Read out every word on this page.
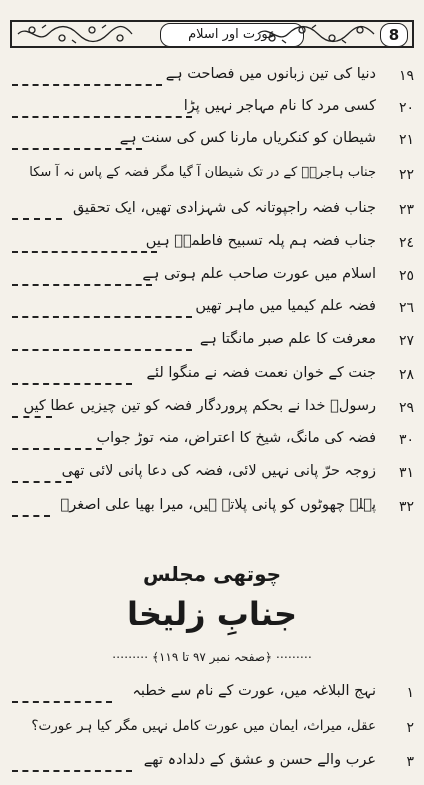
عورت اور اسلام	8
١٩
دنیا کی تین زبانوں میں فصاحت ہے
٢٠
کسی مرد کا نام مہاجر نہیں پڑا
٢١
شیطان کو کنکریاں مارنا کس کی سنت ہے
٢٢
جناب ہاجرہؑ کے در تک شیطان آ گیا مگر فضہ کے پاس نہ آ سکا
٢٣
جناب فضہ راجپوتانہ کی شہزادی تھیں، ایک تحقیق
٢٤
جناب فضہ ہم پلہ تسبیح فاطمہؑ ہیں
٢٥
اسلام میں عورت صاحب علم ہوتی ہے
٢٦
فضہ علم کیمیا میں ماہر تھیں
٢٧
معرفت کا علم صبر مانگتا ہے
٢٨
جنت کے خوان نعمت فضہ نے منگوا لئے
٢٩
رسولؐ خدا نے بحکم پروردگار فضہ کو تین چیزیں عطا کیں
٣٠
فضہ کی مانگ، شیخ کا اعتراض، منہ توڑ جواب
٣١
زوجہ حرّ پانی نہیں لائی، فضہ کی دعا پانی لائی تھی
٣٢
پہلے چھوٹوں کو پانی پلاتے ہیں، میرا بھیا علی اصغرؑ
چوتھی مجلس
جنابِ زلیخا
⋯⋯⋯ ﴿صفحہ نمبر ٩٧ تا ١١٩﴾ ⋯⋯⋯
١
نہج البلاغہ میں، عورت کے نام سے خطبہ
٢
عقل، میراث، ایمان میں عورت کامل نہیں مگر کیا ہر عورت؟
٣
عرب والے حسن و عشق کے دلدادہ تھے
